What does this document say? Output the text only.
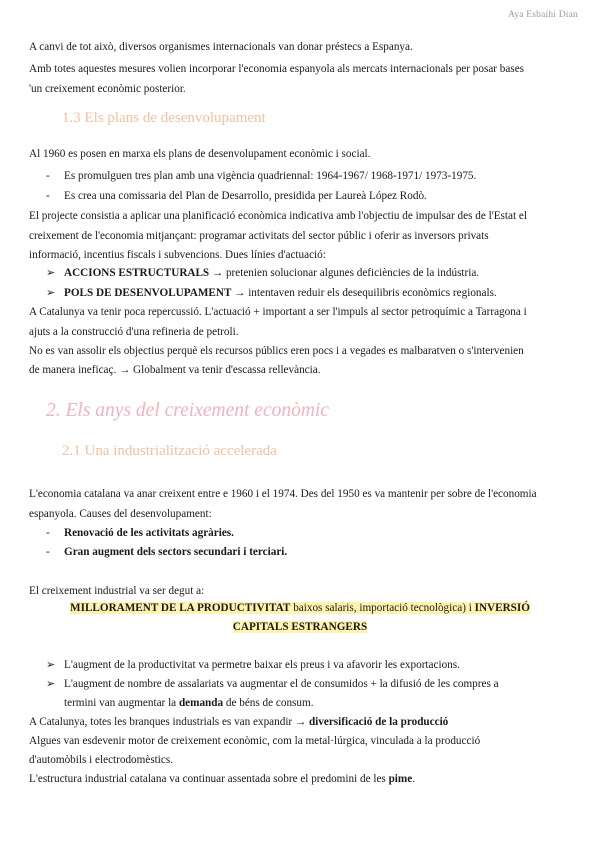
Aya Esbaihi Dian
A canvi de tot això, diversos organismes internacionals van donar préstecs a Espanya.
Amb totes aquestes mesures volien incorporar l'economia espanyola als mercats internacionals per posar bases
'un creixement econòmic posterior.
1.3 Els plans de desenvolupament
Al 1960 es posen en marxa els plans de desenvolupament econòmic i social.
- Es promulguen tres plan amb una vigència quadriennal: 1964-1967/ 1968-1971/ 1973-1975.
- Es crea una comissaria del Plan de Desarrollo, presidida per Laureà López Rodò.
El projecte consistia a aplicar una planificació econòmica indicativa amb l'objectiu de impulsar des de l'Estat el
creixement de l'economia mitjançant: programar activitats del sector públic i oferir as inversors privats
informació, incentius fiscals i subvencions. Dues línies d'actuació:
➢ ACCIONS ESTRUCTURALS → pretenien solucionar algunes deficiències de la indústria.
➢ POLS DE DESENVOLUPAMENT → intentaven reduir els desequilibris econòmics regionals.
A Catalunya va tenir poca repercussió. L'actuació + important a ser l'impuls al sector petroquímic a Tarragona i
ajuts a la construcció d'una refineria de petroli.
No es van assolir els objectius perquè els recursos públics eren pocs i a vegades es malbaratven o s'intervenien
de manera ineficaç. → Globalment va tenir d'escassa rellevància.
2. Els anys del creixement econòmic
2.1 Una industrialització accelerada
L'economia catalana va anar creixent entre e 1960 i el 1974. Des del 1950 es va mantenir per sobre de l'economia
espanyola. Causes del desenvolupament:
- Renovació de les activitats agràries.
- Gran augment dels sectors secundari i terciari.
El creixement industrial va ser degut a:
MILLORAMENT DE LA PRODUCTIVITAT baixos salaris, importació tecnològica) i INVERSIÓ
CAPITALS ESTRANGERS
➢ L'augment de la productivitat va permetre baixar els preus i va afavorir les exportacions.
➢ L'augment de nombre de assalariats va augmentar el de consumidos + la difusió de les compres a
termini van augmentar la demanda de béns de consum.
A Catalunya, totes les branques industrials es van expandir → diversificació de la producció
Algues van esdevenir motor de creixement econòmic, com la metal·lúrgica, vinculada a la producció
d'automòbils i electrodomèstics.
L'estructura industrial catalana va continuar assentada sobre el predomini de les pime.
